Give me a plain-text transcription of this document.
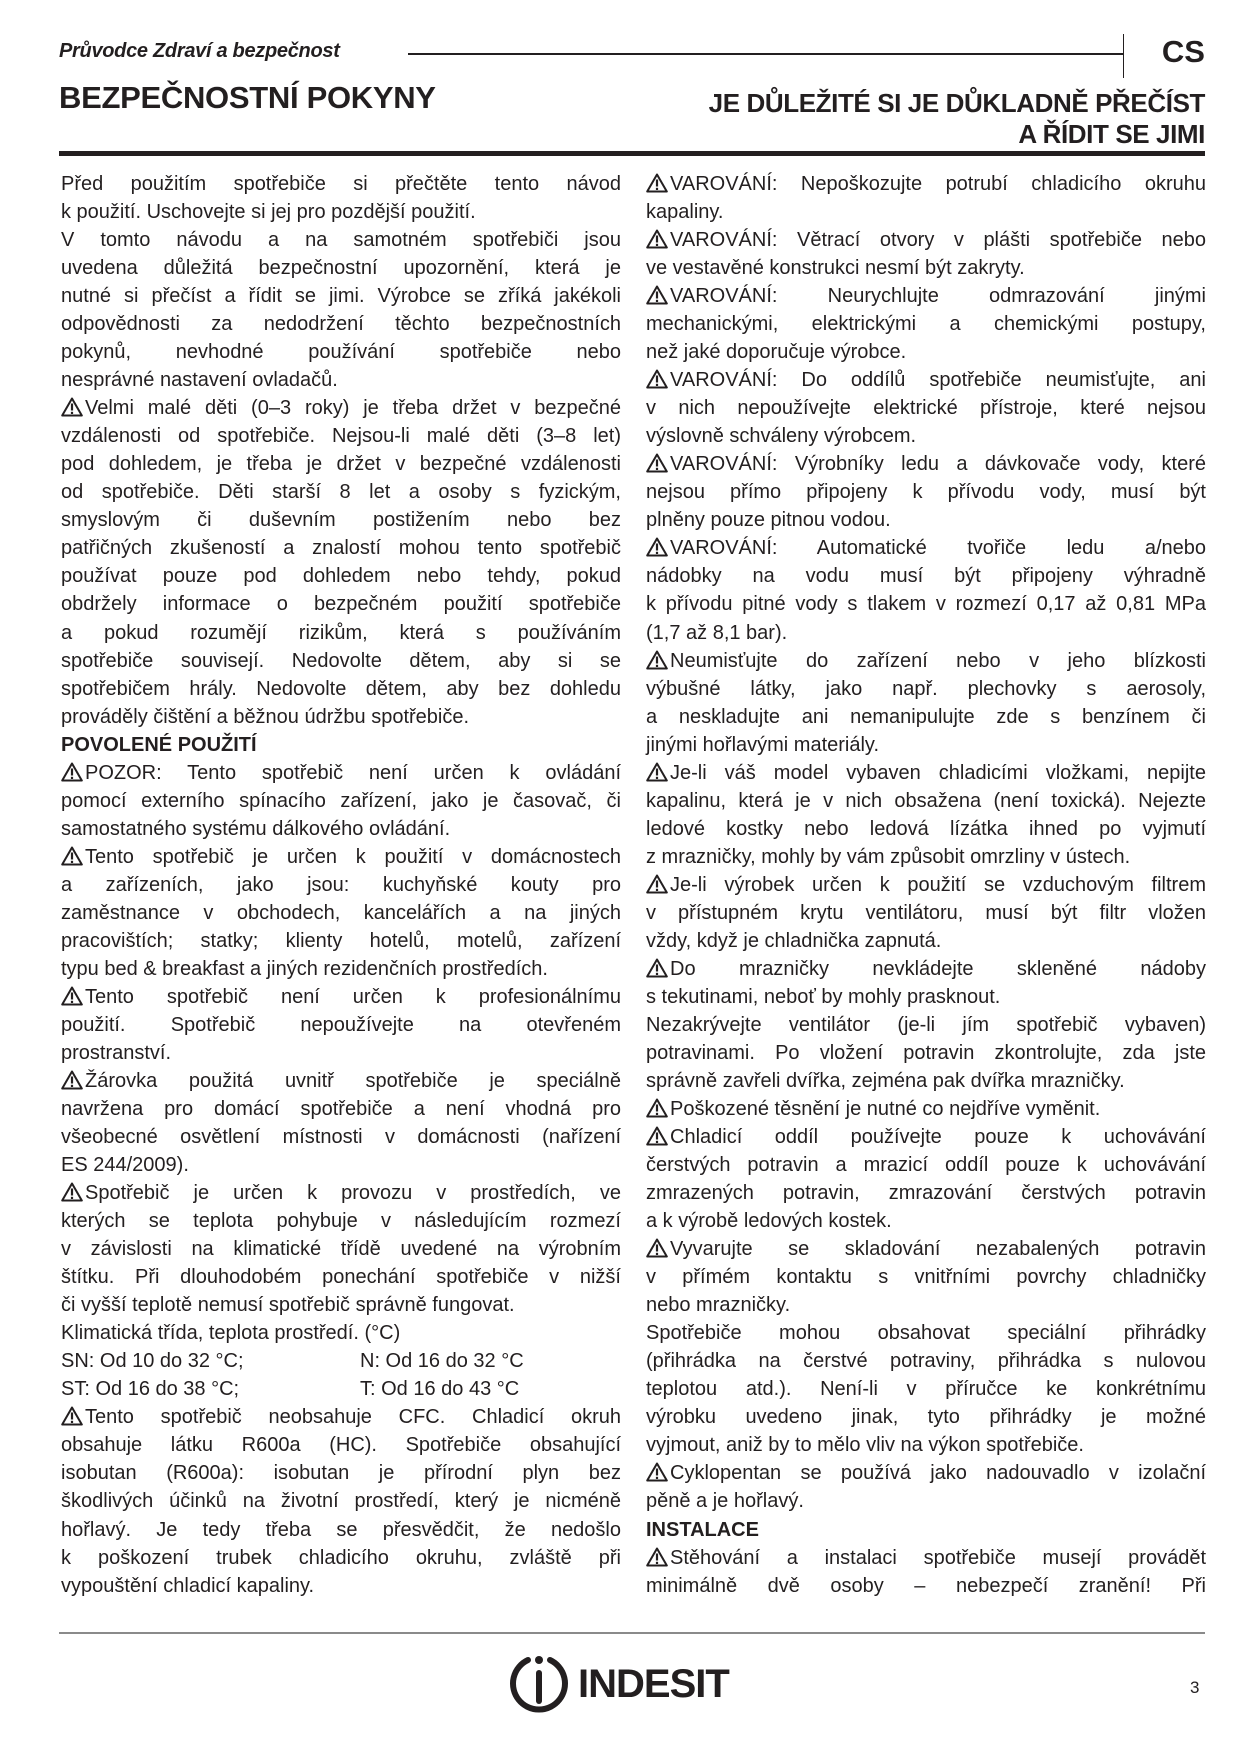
Průvodce Zdraví a bezpečnost	CS
BEZPEČNOSTNÍ POKYNY	JE DŮLEŽITÉ SI JE DŮKLADNĚ PŘEČÍST
A ŘÍDIT SE JIMI
Před použitím spotřebiče si přečtěte tento návod
k použití. Uschovejte si jej pro pozdější použití.
V tomto návodu a na samotném spotřebiči jsou
uvedena důležitá bezpečnostní upozornění, která je
nutné si přečíst a řídit se jimi. Výrobce se zříká jakékoli
odpovědnosti za nedodržení těchto bezpečnostních
pokynů, nevhodné používání spotřebiče nebo
nesprávné nastavení ovladačů.
Velmi malé děti (0–3 roky) je třeba držet v bezpečné
vzdálenosti od spotřebiče. Nejsou-li malé děti (3–8 let)
pod dohledem, je třeba je držet v bezpečné vzdálenosti
od spotřebiče. Děti starší 8 let a osoby s fyzickým,
smyslovým či duševním postižením nebo bez
patřičných zkušeností a znalostí mohou tento spotřebič
používat pouze pod dohledem nebo tehdy, pokud
obdržely informace o bezpečném použití spotřebiče
a pokud rozumějí rizikům, která s používáním
spotřebiče souvisejí. Nedovolte dětem, aby si se
spotřebičem hrály. Nedovolte dětem, aby bez dohledu
prováděly čištění a běžnou údržbu spotřebiče.
POVOLENÉ POUŽITÍ
POZOR: Tento spotřebič není určen k ovládání
pomocí externího spínacího zařízení, jako je časovač, či
samostatného systému dálkového ovládání.
Tento spotřebič je určen k použití v domácnostech
a zařízeních, jako jsou: kuchyňské kouty pro
zaměstnance v obchodech, kancelářích a na jiných
pracovištích; statky; klienty hotelů, motelů, zařízení
typu bed & breakfast a jiných rezidenčních prostředích.
Tento spotřebič není určen k profesionálnímu
použití. Spotřebič nepoužívejte na otevřeném
prostranství.
Žárovka použitá uvnitř spotřebiče je speciálně
navržena pro domácí spotřebiče a není vhodná pro
všeobecné osvětlení místnosti v domácnosti (nařízení
ES 244/2009).
Spotřebič je určen k provozu v prostředích, ve
kterých se teplota pohybuje v následujícím rozmezí
v závislosti na klimatické třídě uvedené na výrobním
štítku. Při dlouhodobém ponechání spotřebiče v nižší
či vyšší teplotě nemusí spotřebič správně fungovat.
Klimatická třída, teplota prostředí. (°C)
SN: Od 10 do 32 °C;	N: Od 16 do 32 °C
ST: Od 16 do 38 °C;	T: Od 16 do 43 °C
Tento spotřebič neobsahuje CFC. Chladicí okruh
obsahuje látku R600a (HC). Spotřebiče obsahující
isobutan (R600a): isobutan je přírodní plyn bez
škodlivých účinků na životní prostředí, který je nicméně
hořlavý. Je tedy třeba se přesvědčit, že nedošlo
k poškození trubek chladicího okruhu, zvláště při
vypouštění chladicí kapaliny.
VAROVÁNÍ: Nepoškozujte potrubí chladicího okruhu
kapaliny.
VAROVÁNÍ: Větrací otvory v plášti spotřebiče nebo
ve vestavěné konstrukci nesmí být zakryty.
VAROVÁNÍ: Neurychlujte odmrazování jinými
mechanickými, elektrickými a chemickými postupy,
než jaké doporučuje výrobce.
VAROVÁNÍ: Do oddílů spotřebiče neumisťujte, ani
v nich nepoužívejte elektrické přístroje, které nejsou
výslovně schváleny výrobcem.
VAROVÁNÍ: Výrobníky ledu a dávkovače vody, které
nejsou přímo připojeny k přívodu vody, musí být
plněny pouze pitnou vodou.
VAROVÁNÍ: Automatické tvořiče ledu a/nebo
nádobky na vodu musí být připojeny výhradně
k přívodu pitné vody s tlakem v rozmezí 0,17 až 0,81 MPa
(1,7 až 8,1 bar).
Neumisťujte do zařízení nebo v jeho blízkosti
výbušné látky, jako např. plechovky s aerosoly,
a neskladujte ani nemanipulujte zde s benzínem či
jinými hořlavými materiály.
Je-li váš model vybaven chladicími vložkami, nepijte
kapalinu, která je v nich obsažena (není toxická). Nejezte
ledové kostky nebo ledová lízátka ihned po vyjmutí
z mrazničky, mohly by vám způsobit omrzliny v ústech.
Je-li výrobek určen k použití se vzduchovým filtrem
v přístupném krytu ventilátoru, musí být filtr vložen
vždy, když je chladnička zapnutá.
Do mrazničky nevkládejte skleněné nádoby
s tekutinami, neboť by mohly prasknout.
Nezakrývejte ventilátor (je-li jím spotřebič vybaven)
potravinami. Po vložení potravin zkontrolujte, zda jste
správně zavřeli dvířka, zejména pak dvířka mrazničky.
Poškozené těsnění je nutné co nejdříve vyměnit.
Chladicí oddíl používejte pouze k uchovávání
čerstvých potravin a mrazicí oddíl pouze k uchovávání
zmrazených potravin, zmrazování čerstvých potravin
a k výrobě ledových kostek.
Vyvarujte se skladování nezabalených potravin
v přímém kontaktu s vnitřními povrchy chladničky
nebo mrazničky.
Spotřebiče mohou obsahovat speciální přihrádky
(přihrádka na čerstvé potraviny, přihrádka s nulovou
teplotou atd.). Není-li v příručce ke konkrétnímu
výrobku uvedeno jinak, tyto přihrádky je možné
vyjmout, aniž by to mělo vliv na výkon spotřebiče.
Cyklopentan se používá jako nadouvadlo v izolační
pěně a je hořlavý.
INSTALACE
Stěhování a instalaci spotřebiče musejí provádět
minimálně dvě osoby – nebezpečí zranění! Při
INDESIT	3
